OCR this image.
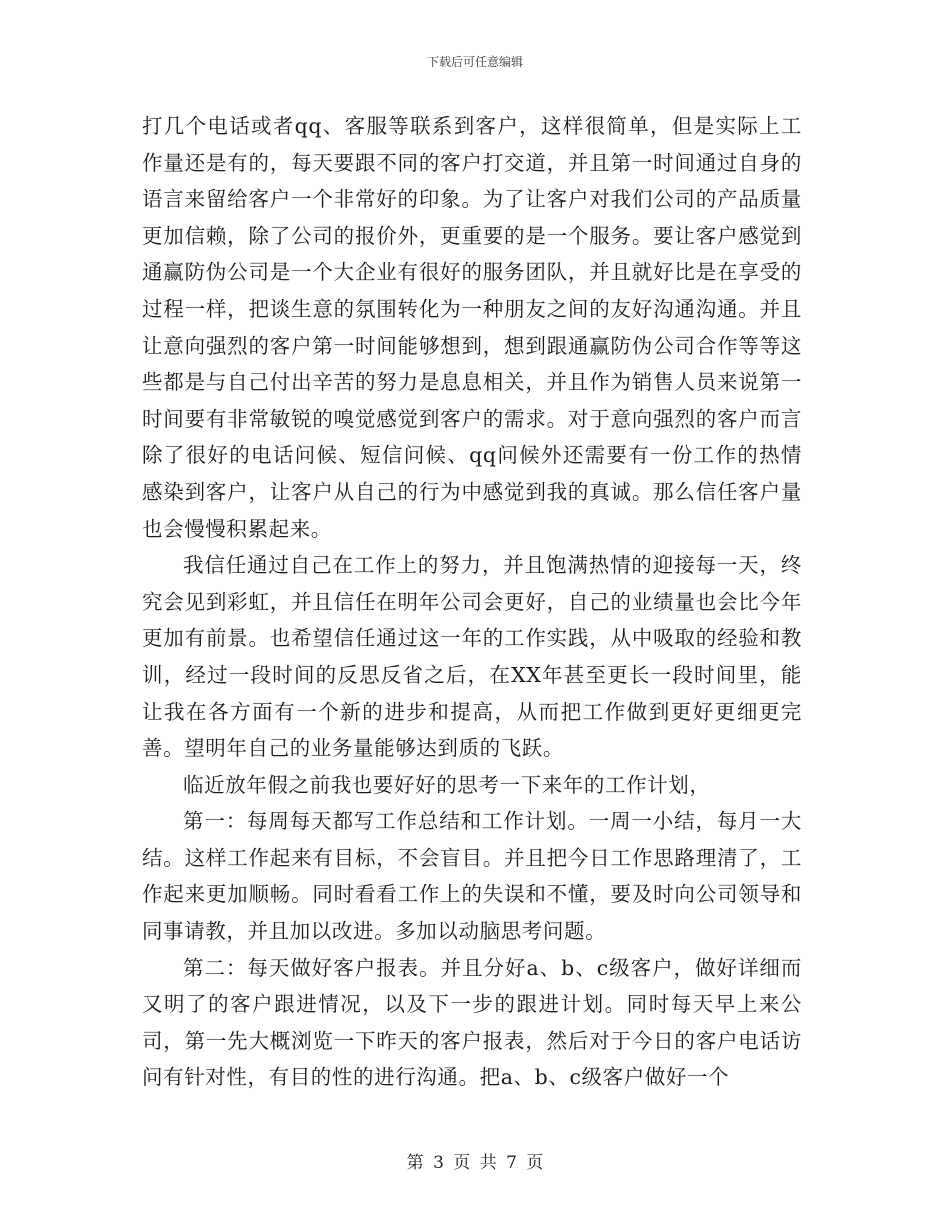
下载后可任意编辑

打几个电话或者qq、客服等联系到客户，这样很简单，但是实际上工作量还是有的，每天要跟不同的客户打交道，并且第一时间通过自身的语言来留给客户一个非常好的印象。为了让客户对我们公司的产品质量更加信赖，除了公司的报价外，更重要的是一个服务。要让客户感觉到通赢防伪公司是一个大企业有很好的服务团队，并且就好比是在享受的过程一样，把谈生意的氛围转化为一种朋友之间的友好沟通沟通。并且让意向强烈的客户第一时间能够想到，想到跟通赢防伪公司合作等等这些都是与自己付出辛苦的努力是息息相关，并且作为销售人员来说第一时间要有非常敏锐的嗅觉感觉到客户的需求。对于意向强烈的客户而言除了很好的电话问候、短信问候、qq问候外还需要有一份工作的热情感染到客户，让客户从自己的行为中感觉到我的真诚。那么信任客户量也会慢慢积累起来。

我信任通过自己在工作上的努力，并且饱满热情的迎接每一天，终究会见到彩虹，并且信任在明年公司会更好，自己的业绩量也会比今年更加有前景。也希望信任通过这一年的工作实践，从中吸取的经验和教训，经过一段时间的反思反省之后，在XX年甚至更长一段时间里，能让我在各方面有一个新的进步和提高，从而把工作做到更好更细更完善。望明年自己的业务量能够达到质的飞跃。

临近放年假之前我也要好好的思考一下来年的工作计划，

第一：每周每天都写工作总结和工作计划。一周一小结，每月一大结。这样工作起来有目标，不会盲目。并且把今日工作思路理清了，工作起来更加顺畅。同时看看工作上的失误和不懂，要及时向公司领导和同事请教，并且加以改进。多加以动脑思考问题。

第二：每天做好客户报表。并且分好a、b、c级客户，做好详细而又明了的客户跟进情况，以及下一步的跟进计划。同时每天早上来公司，第一先大概浏览一下昨天的客户报表，然后对于今日的客户电话访问有针对性，有目的性的进行沟通。把a、b、c级客户做好一个

第 3 页 共 7 页
